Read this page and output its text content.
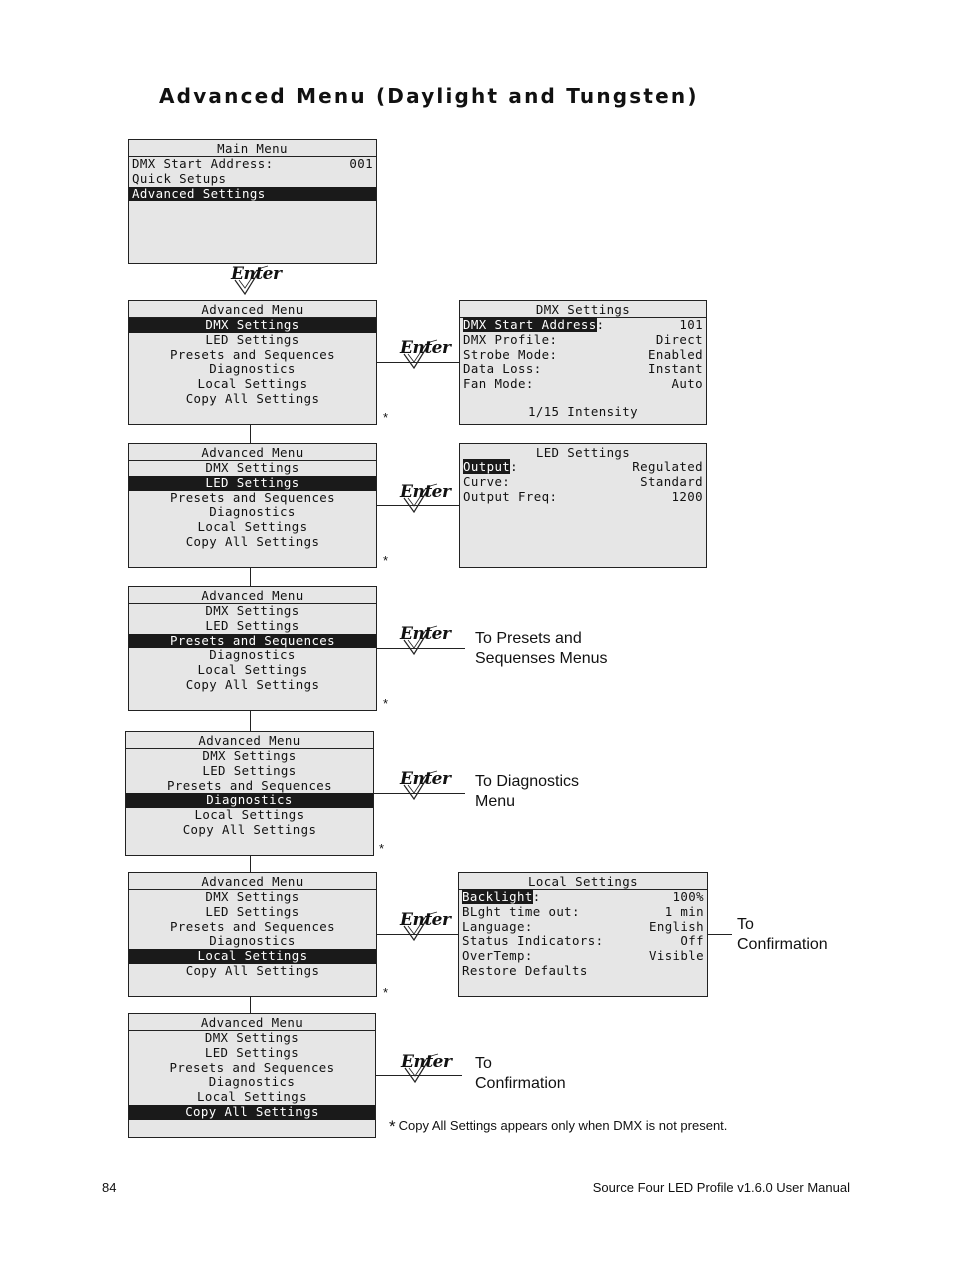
Advanced Menu (Daylight and Tungsten)
Main Menu
DMX Start Address:	001
Quick Setups
Advanced Settings
Advanced Menu
DMX Settings
LED Settings
Presets and Sequences
Diagnostics
Local Settings
Copy All Settings
Advanced Menu
DMX Settings
LED Settings
Presets and Sequences
Diagnostics
Local Settings
Copy All Settings
Advanced Menu
DMX Settings
LED Settings
Presets and Sequences
Diagnostics
Local Settings
Copy All Settings
Advanced Menu
DMX Settings
LED Settings
Presets and Sequences
Diagnostics
Local Settings
Copy All Settings
Advanced Menu
DMX Settings
LED Settings
Presets and Sequences
Diagnostics
Local Settings
Copy All Settings
Advanced Menu
DMX Settings
LED Settings
Presets and Sequences
Diagnostics
Local Settings
Copy All Settings
DMX Settings
DMX Start Address:	101
DMX Profile:	Direct
Strobe Mode:	Enabled
Data Loss:	Instant
Fan Mode:	Auto
1/15 Intensity
LED Settings
Output:	Regulated
Curve:	Standard
Output Freq:	1200
Local Settings
Backlight:	100%
BLght time out:	1 min
Language:	English
Status Indicators:	Off
OverTemp:	Visible
Restore Defaults
Enter
Enter
Enter
Enter
Enter
Enter
Enter
*
*
*
*
*
To Presets and
Sequenses Menus
To Diagnostics
Menu
To
Confirmation
To
Confirmation
* Copy All Settings appears only when DMX is not present.
84	Source Four LED Profile v1.6.0 User Manual
